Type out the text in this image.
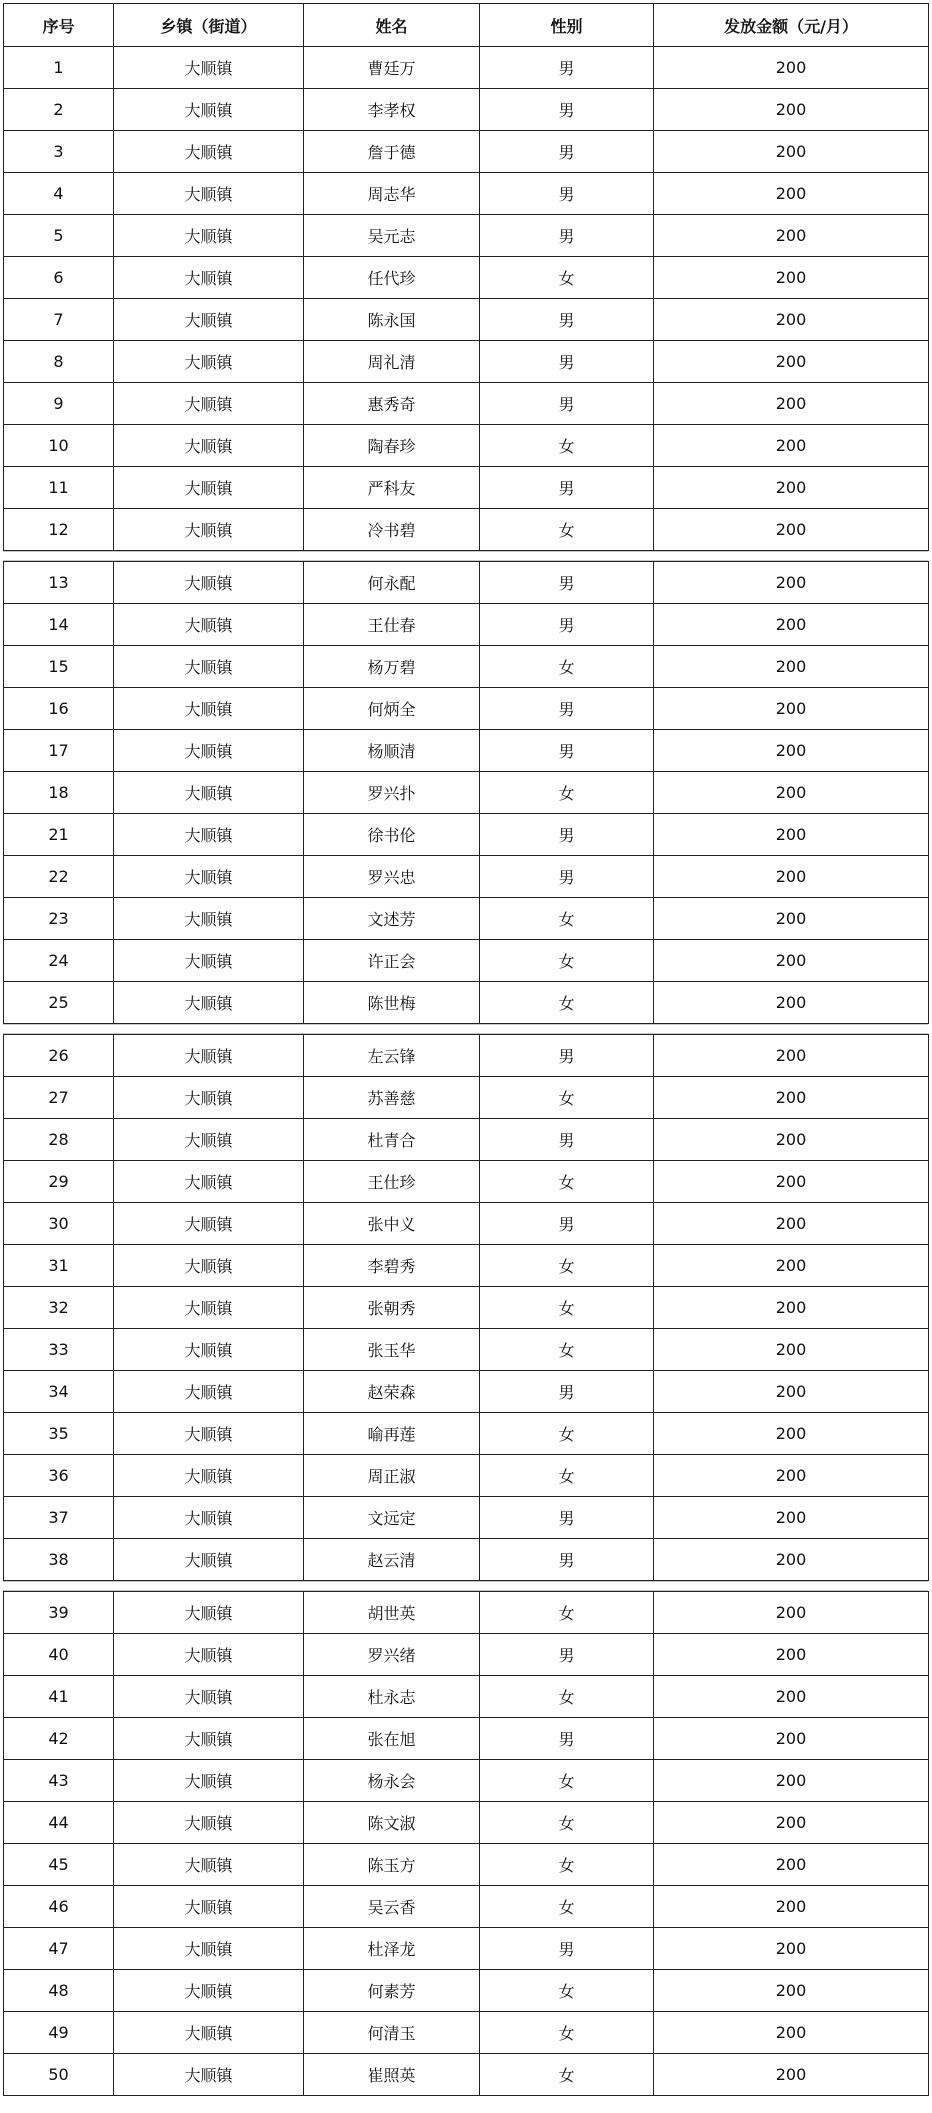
序号	乡镇（街道）	姓名	性别	发放金额（元/月）
1	大顺镇	曹廷万	男	200
2	大顺镇	李孝权	男	200
3	大顺镇	詹于德	男	200
4	大顺镇	周志华	男	200
5	大顺镇	吴元志	男	200
6	大顺镇	任代珍	女	200
7	大顺镇	陈永国	男	200
8	大顺镇	周礼清	男	200
9	大顺镇	惠秀奇	男	200
10	大顺镇	陶春珍	女	200
11	大顺镇	严科友	男	200
12	大顺镇	冷书碧	女	200
13	大顺镇	何永配	男	200
14	大顺镇	王仕春	男	200
15	大顺镇	杨万碧	女	200
16	大顺镇	何炳全	男	200
17	大顺镇	杨顺清	男	200
18	大顺镇	罗兴扑	女	200
21	大顺镇	徐书伦	男	200
22	大顺镇	罗兴忠	男	200
23	大顺镇	文述芳	女	200
24	大顺镇	许正会	女	200
25	大顺镇	陈世梅	女	200
26	大顺镇	左云锋	男	200
27	大顺镇	苏善慈	女	200
28	大顺镇	杜青合	男	200
29	大顺镇	王仕珍	女	200
30	大顺镇	张中义	男	200
31	大顺镇	李碧秀	女	200
32	大顺镇	张朝秀	女	200
33	大顺镇	张玉华	女	200
34	大顺镇	赵荣森	男	200
35	大顺镇	喻再莲	女	200
36	大顺镇	周正淑	女	200
37	大顺镇	文远定	男	200
38	大顺镇	赵云清	男	200
39	大顺镇	胡世英	女	200
40	大顺镇	罗兴绪	男	200
41	大顺镇	杜永志	女	200
42	大顺镇	张在旭	男	200
43	大顺镇	杨永会	女	200
44	大顺镇	陈文淑	女	200
45	大顺镇	陈玉方	女	200
46	大顺镇	吴云香	女	200
47	大顺镇	杜泽龙	男	200
48	大顺镇	何素芳	女	200
49	大顺镇	何清玉	女	200
50	大顺镇	崔照英	女	200
